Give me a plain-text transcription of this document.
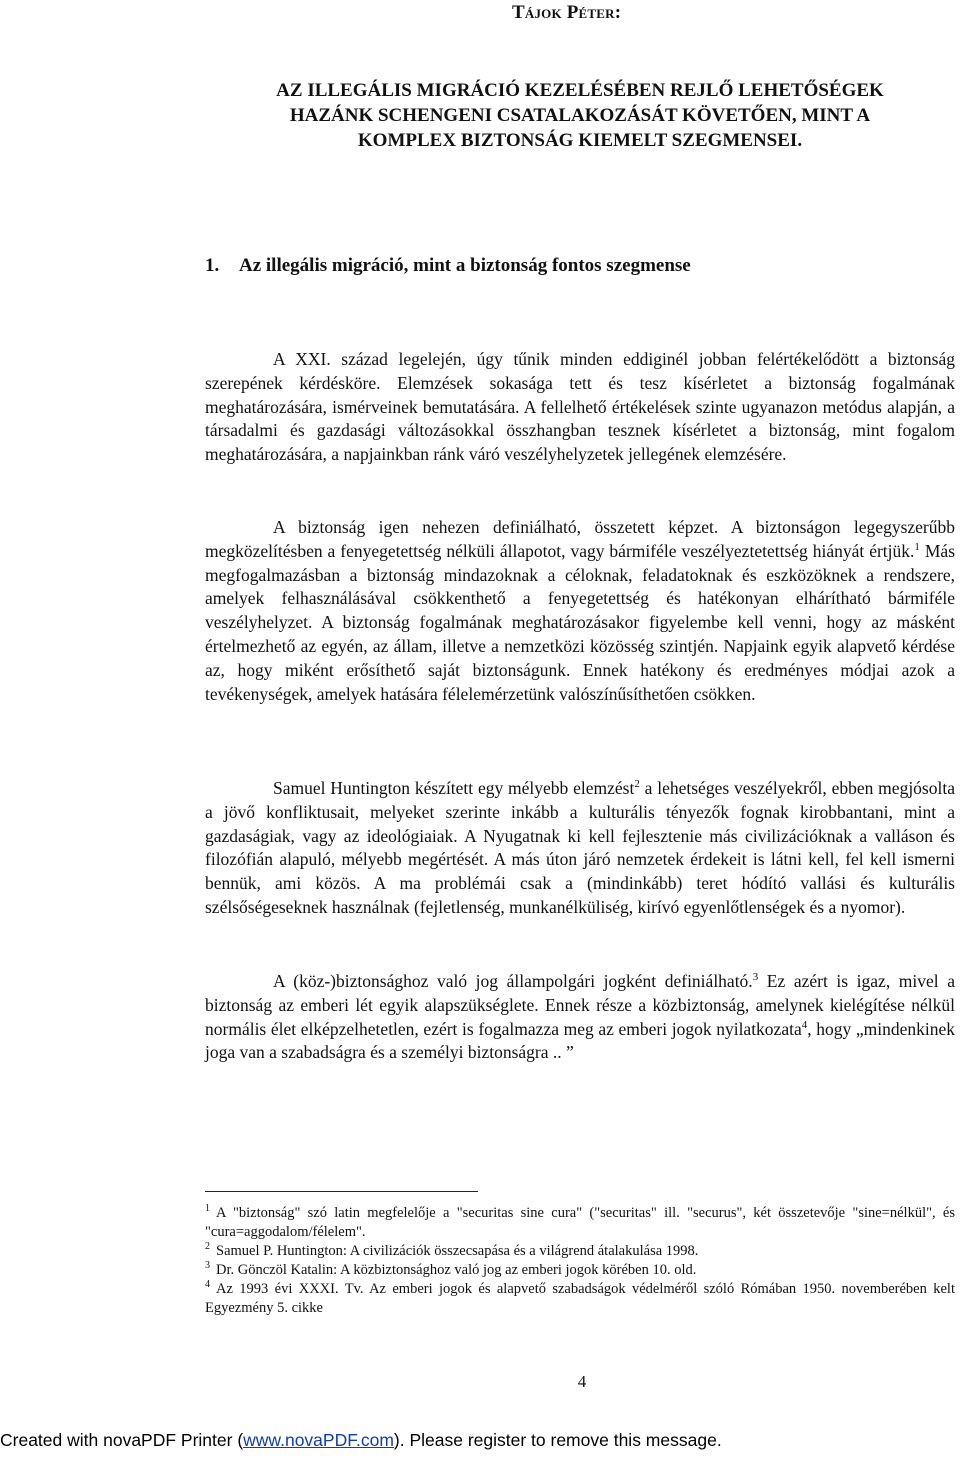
Tájok Péter:
AZ ILLEGÁLIS MIGRÁCIÓ KEZELÉSÉBEN REJLŐ LEHETŐSÉGEK
HAZÁNK SCHENGENI CSATALAKOZÁSÁT KÖVETŐEN, MINT A
KOMPLEX BIZTONSÁG KIEMELT SZEGMENSEI.
1. Az illegális migráció, mint a biztonság fontos szegmense

A XXI. század legelején, úgy tűnik minden eddiginél jobban felértékelődött a biztonság szerepének kérdésköre. Elemzések sokasága tett és tesz kísérletet a biztonság fogalmának meghatározására, ismérveinek bemutatására. A fellelhető értékelések szinte ugyanazon metódus alapján, a társadalmi és gazdasági változásokkal összhangban tesznek kísérletet a biztonság, mint fogalom meghatározására, a napjainkban ránk váró veszélyhelyzetek jellegének elemzésére.

A biztonság igen nehezen definiálható, összetett képzet. A biztonságon legegyszerűbb megközelítésben a fenyegetettség nélküli állapotot, vagy bármiféle veszélyeztetettség hiányát értjük.$^1$ Más megfogalmazásban a biztonság mindazoknak a céloknak, feladatoknak és eszközöknek a rendszere, amelyek felhasználásával csökkenthető a fenyegetettség és hatékonyan elhárítható bármiféle veszélyhelyzet. A biztonság fogalmának meghatározásakor figyelembe kell venni, hogy az másként értelmezhető az egyén, az állam, illetve a nemzetközi közösség szintjén. Napjaink egyik alapvető kérdése az, hogy miként erősíthető saját biztonságunk. Ennek hatékony és eredményes módjai azok a tevékenységek, amelyek hatására félelemérzetünk valószínűsíthetően csökken.

Samuel Huntington készített egy mélyebb elemzést$^2$ a lehetséges veszélyekről, ebben megjósolta a jövő konfliktusait, melyeket szerinte inkább a kulturális tényezők fognak kirobbantani, mint a gazdaságiak, vagy az ideológiaiak. A Nyugatnak ki kell fejlesztenie más civilizációknak a valláson és filozófián alapuló, mélyebb megértését. A más úton járó nemzetek érdekeit is látni kell, fel kell ismerni bennük, ami közös. A ma problémái csak a (mindinkább) teret hódító vallási és kulturális szélsőségeseknek használnak (fejletlenség, munkanélküliség, kirívó egyenlőtlenségek és a nyomor).

A (köz-)biztonsághoz való jog állampolgári jogként definiálható.$^3$ Ez azért is igaz, mivel a biztonság az emberi lét egyik alapszükséglete. Ennek része a közbiztonság, amelynek kielégítése nélkül normális élet elképzelhetetlen, ezért is fogalmazza meg az emberi jogok nyilatkozata$^4$, hogy „mindenkinek joga van a szabadságra és a személyi biztonságra .. ”

$^1$ A "biztonság" szó latin megfelelője a "securitas sine cura" ("securitas" ill. "securus", két összetevője "sine=nélkül", és "cura=aggodalom/félelem".

$^2$ Samuel P. Huntington: A civilizációk összecsapása és a világrend átalakulása 1998.

$^3$ Dr. Gönczöl Katalin: A közbiztonsághoz való jog az emberi jogok körében 10. old.

$^4$ Az 1993 évi XXXI. Tv. Az emberi jogok és alapvető szabadságok védelméről szóló Rómában 1950. novemberében kelt Egyezmény 5. cikke

4
Created with novaPDF Printer (www.novaPDF.com). Please register to remove this message.
